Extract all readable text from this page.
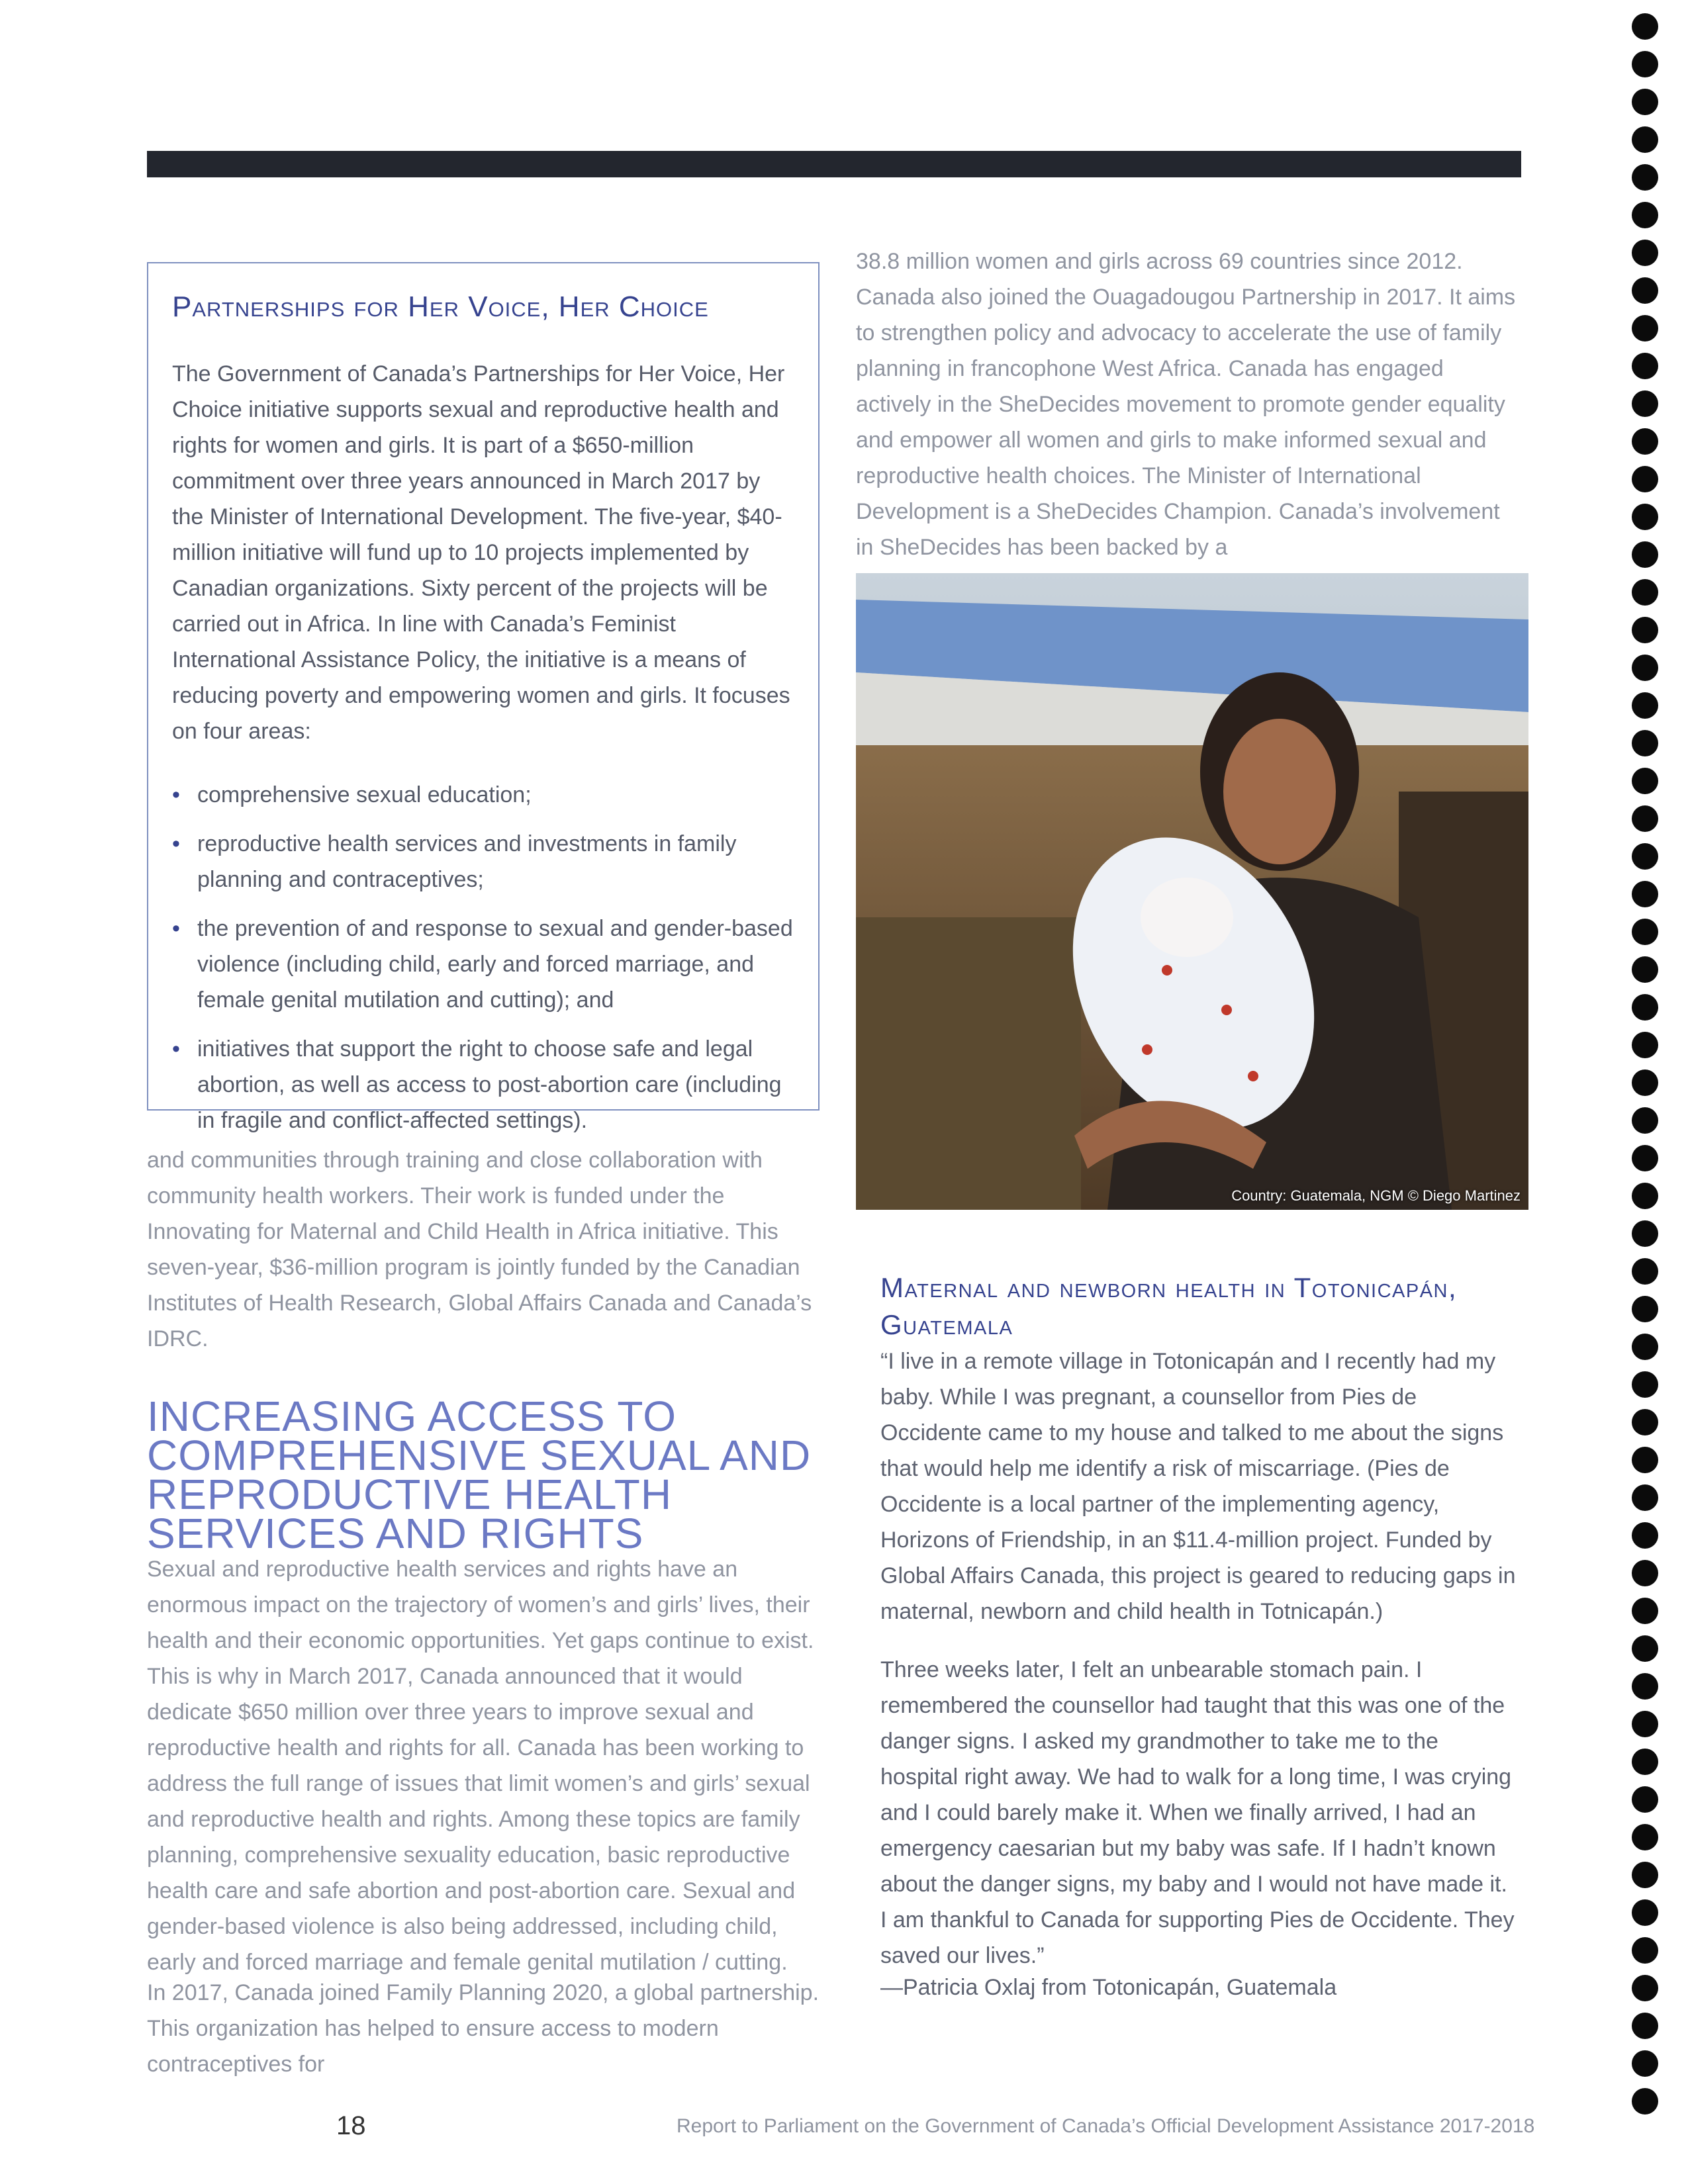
Partnerships for Her Voice, Her Choice

The Government of Canada’s Partnerships for Her Voice, Her Choice initiative supports sexual and reproductive health and rights for women and girls. It is part of a $650-million commitment over three years announced in March 2017 by the Minister of International Development. The five-year, $40-million initiative will fund up to 10 projects implemented by Canadian organizations. Sixty percent of the projects will be carried out in Africa. In line with Canada’s Feminist International Assistance Policy, the initiative is a means of reducing poverty and empowering women and girls. It focuses on four areas:

• comprehensive sexual education;
• reproductive health services and investments in family planning and contraceptives;
• the prevention of and response to sexual and gender-based violence (including child, early and forced marriage, and female genital mutilation and cutting); and
• initiatives that support the right to choose safe and legal abortion, as well as access to post-abortion care (including in fragile and conflict-affected settings).

and communities through training and close collaboration with community health workers. Their work is funded under the Innovating for Maternal and Child Health in Africa initiative. This seven-year, $36-million program is jointly funded by the Canadian Institutes of Health Research, Global Affairs Canada and Canada’s IDRC.

INCREASING ACCESS TO COMPREHENSIVE SEXUAL AND REPRODUCTIVE HEALTH SERVICES AND RIGHTS

Sexual and reproductive health services and rights have an enormous impact on the trajectory of women’s and girls’ lives, their health and their economic opportunities. Yet gaps continue to exist. This is why in March 2017, Canada announced that it would dedicate $650 million over three years to improve sexual and reproductive health and rights for all. Canada has been working to address the full range of issues that limit women’s and girls’ sexual and reproductive health and rights. Among these topics are family planning, comprehensive sexuality education, basic reproductive health care and safe abortion and post-abortion care. Sexual and gender-based violence is also being addressed, including child, early and forced marriage and female genital mutilation / cutting.

In 2017, Canada joined Family Planning 2020, a global partnership. This organization has helped to ensure access to modern contraceptives for

38.8 million women and girls across 69 countries since 2012. Canada also joined the Ouagadougou Partnership in 2017. It aims to strengthen policy and advocacy to accelerate the use of family planning in francophone West Africa. Canada has engaged actively in the SheDecides movement to promote gender equality and empower all women and girls to make informed sexual and reproductive health choices. The Minister of International Development is a SheDecides Champion. Canada’s involvement in SheDecides has been backed by a

Country: Guatemala, NGM © Diego Martinez
Maternal and newborn health in Totonicapán, Guatemala

“I live in a remote village in Totonicapán and I recently had my baby. While I was pregnant, a counsellor from Pies de Occidente came to my house and talked to me about the signs that would help me identify a risk of miscarriage. (Pies de Occidente is a local partner of the implementing agency, Horizons of Friendship, in an $11.4-million project. Funded by Global Affairs Canada, this project is geared to reducing gaps in maternal, newborn and child health in Totnicapán.)

Three weeks later, I felt an unbearable stomach pain. I remembered the counsellor had taught that this was one of the danger signs. I asked my grandmother to take me to the hospital right away. We had to walk for a long time, I was crying and I could barely make it. When we finally arrived, I had an emergency caesarian but my baby was safe. If I hadn’t known about the danger signs, my baby and I would not have made it. I am thankful to Canada for supporting Pies de Occidente. They saved our lives.”

—Patricia Oxlaj from Totonicapán, Guatemala

18	Report to Parliament on the Government of Canada’s Official Development Assistance 2017-2018
